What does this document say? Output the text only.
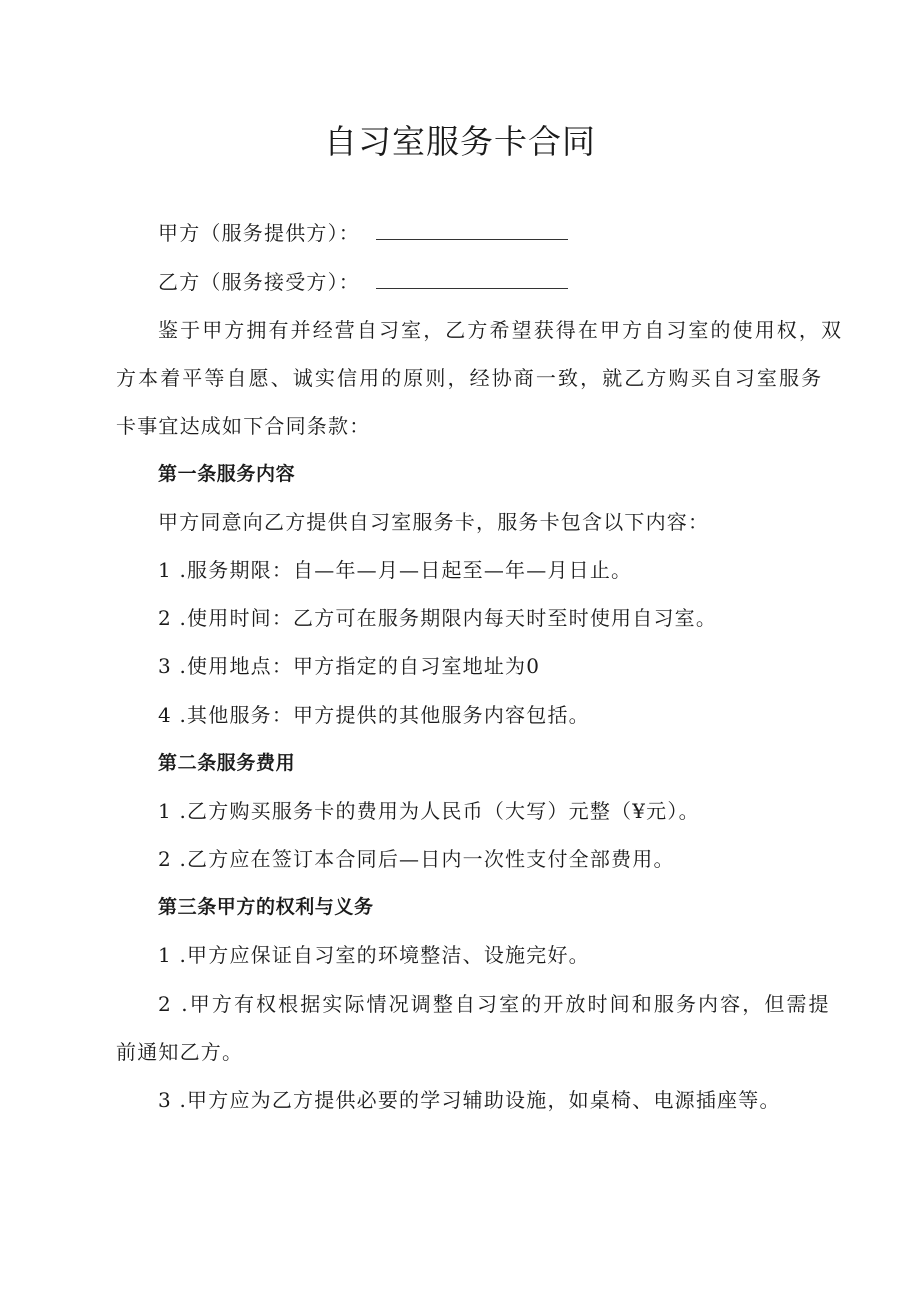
自习室服务卡合同
甲方（服务提供方）：
乙方（服务接受方）：
鉴于甲方拥有并经营自习室，乙方希望获得在甲方自习室的使用权，双
方本着平等自愿、诚实信用的原则，经协商一致，就乙方购买自习室服务
卡事宜达成如下合同条款：
第一条服务内容
甲方同意向乙方提供自习室服务卡，服务卡包含以下内容：
1 .服务期限：自—年—月—日起至—年—月日止。
2 .使用时间：乙方可在服务期限内每天时至时使用自习室。
3 .使用地点：甲方指定的自习室地址为0
4 .其他服务：甲方提供的其他服务内容包括。
第二条服务费用
1 .乙方购买服务卡的费用为人民币（大写）元整（¥元）。
2 .乙方应在签订本合同后—日内一次性支付全部费用。
第三条甲方的权利与义务
1 .甲方应保证自习室的环境整洁、设施完好。
2 .甲方有权根据实际情况调整自习室的开放时间和服务内容，但需提
前通知乙方。
3 .甲方应为乙方提供必要的学习辅助设施，如桌椅、电源插座等。
